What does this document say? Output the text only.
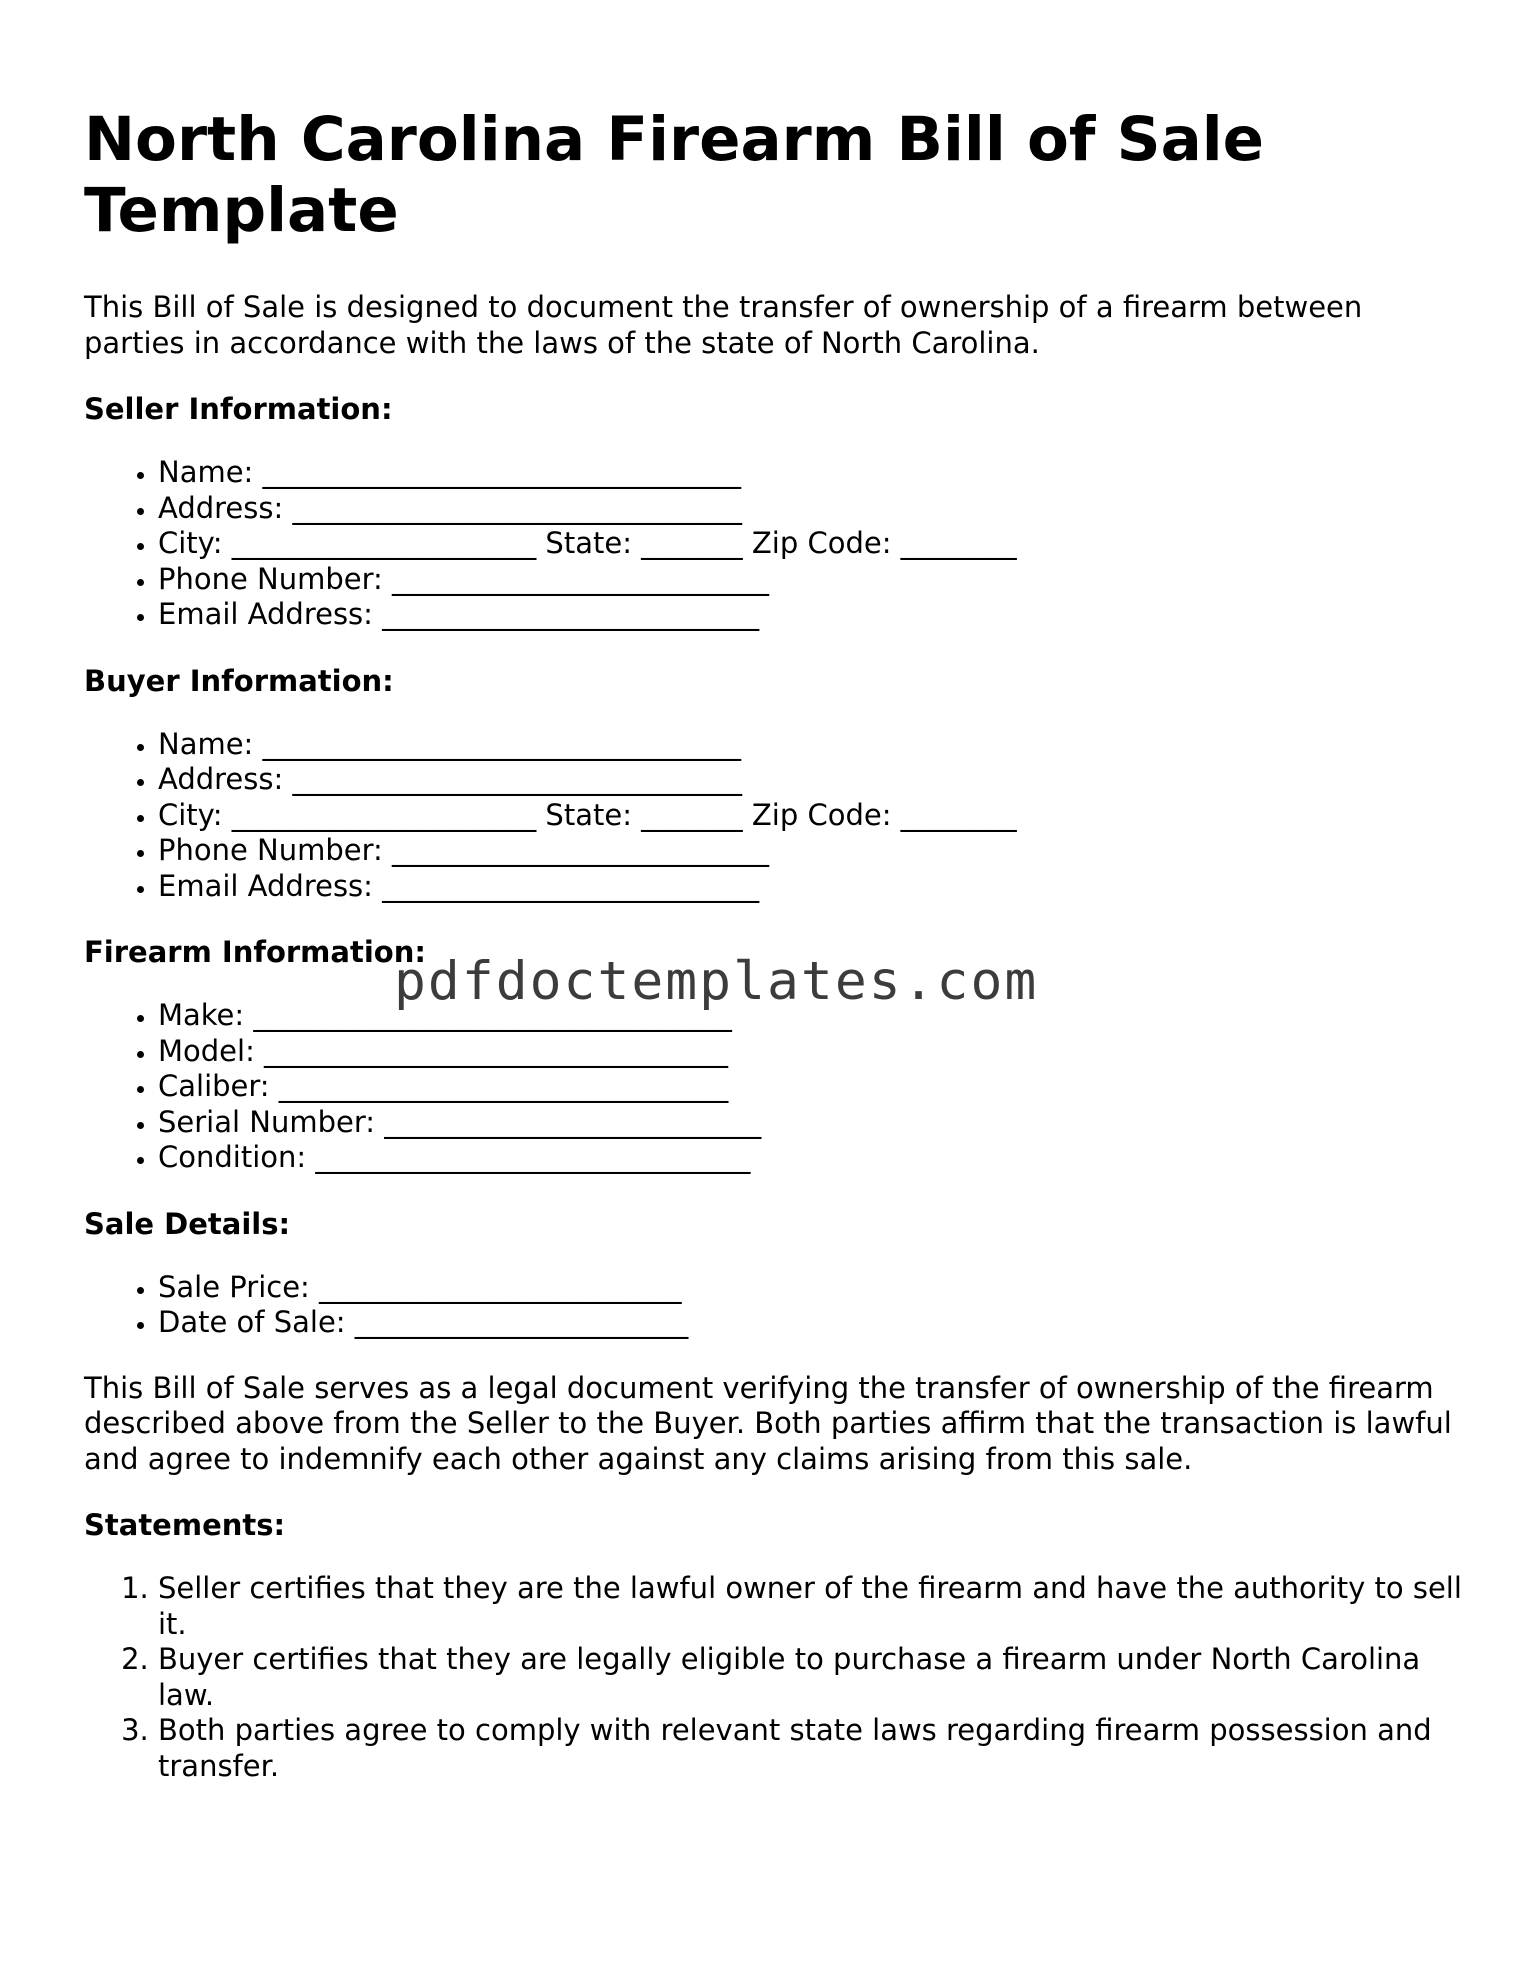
North Carolina Firearm Bill of Sale Template

This Bill of Sale is designed to document the transfer of ownership of a firearm between parties in accordance with the laws of the state of North Carolina.

Seller Information:
• Name: _________________________________
• Address: _______________________________
• City: _____________________ State: _______ Zip Code: ________
• Phone Number: __________________________
• Email Address: __________________________
Buyer Information:
• Name: _________________________________
• Address: _______________________________
• City: _____________________ State: _______ Zip Code: ________
• Phone Number: __________________________
• Email Address: __________________________
Firearm Information:
• Make: _________________________________
• Model: ________________________________
• Caliber: _______________________________
• Serial Number: __________________________
• Condition: ______________________________
Sale Details:
• Sale Price: _________________________
• Date of Sale: _______________________

This Bill of Sale serves as a legal document verifying the transfer of ownership of the firearm described above from the Seller to the Buyer. Both parties affirm that the transaction is lawful and agree to indemnify each other against any claims arising from this sale.

Statements:
1. Seller certifies that they are the lawful owner of the firearm and have the authority to sell it.
2. Buyer certifies that they are legally eligible to purchase a firearm under North Carolina law.
3. Both parties agree to comply with relevant state laws regarding firearm possession and transfer.
pdfdoctemplates.com
